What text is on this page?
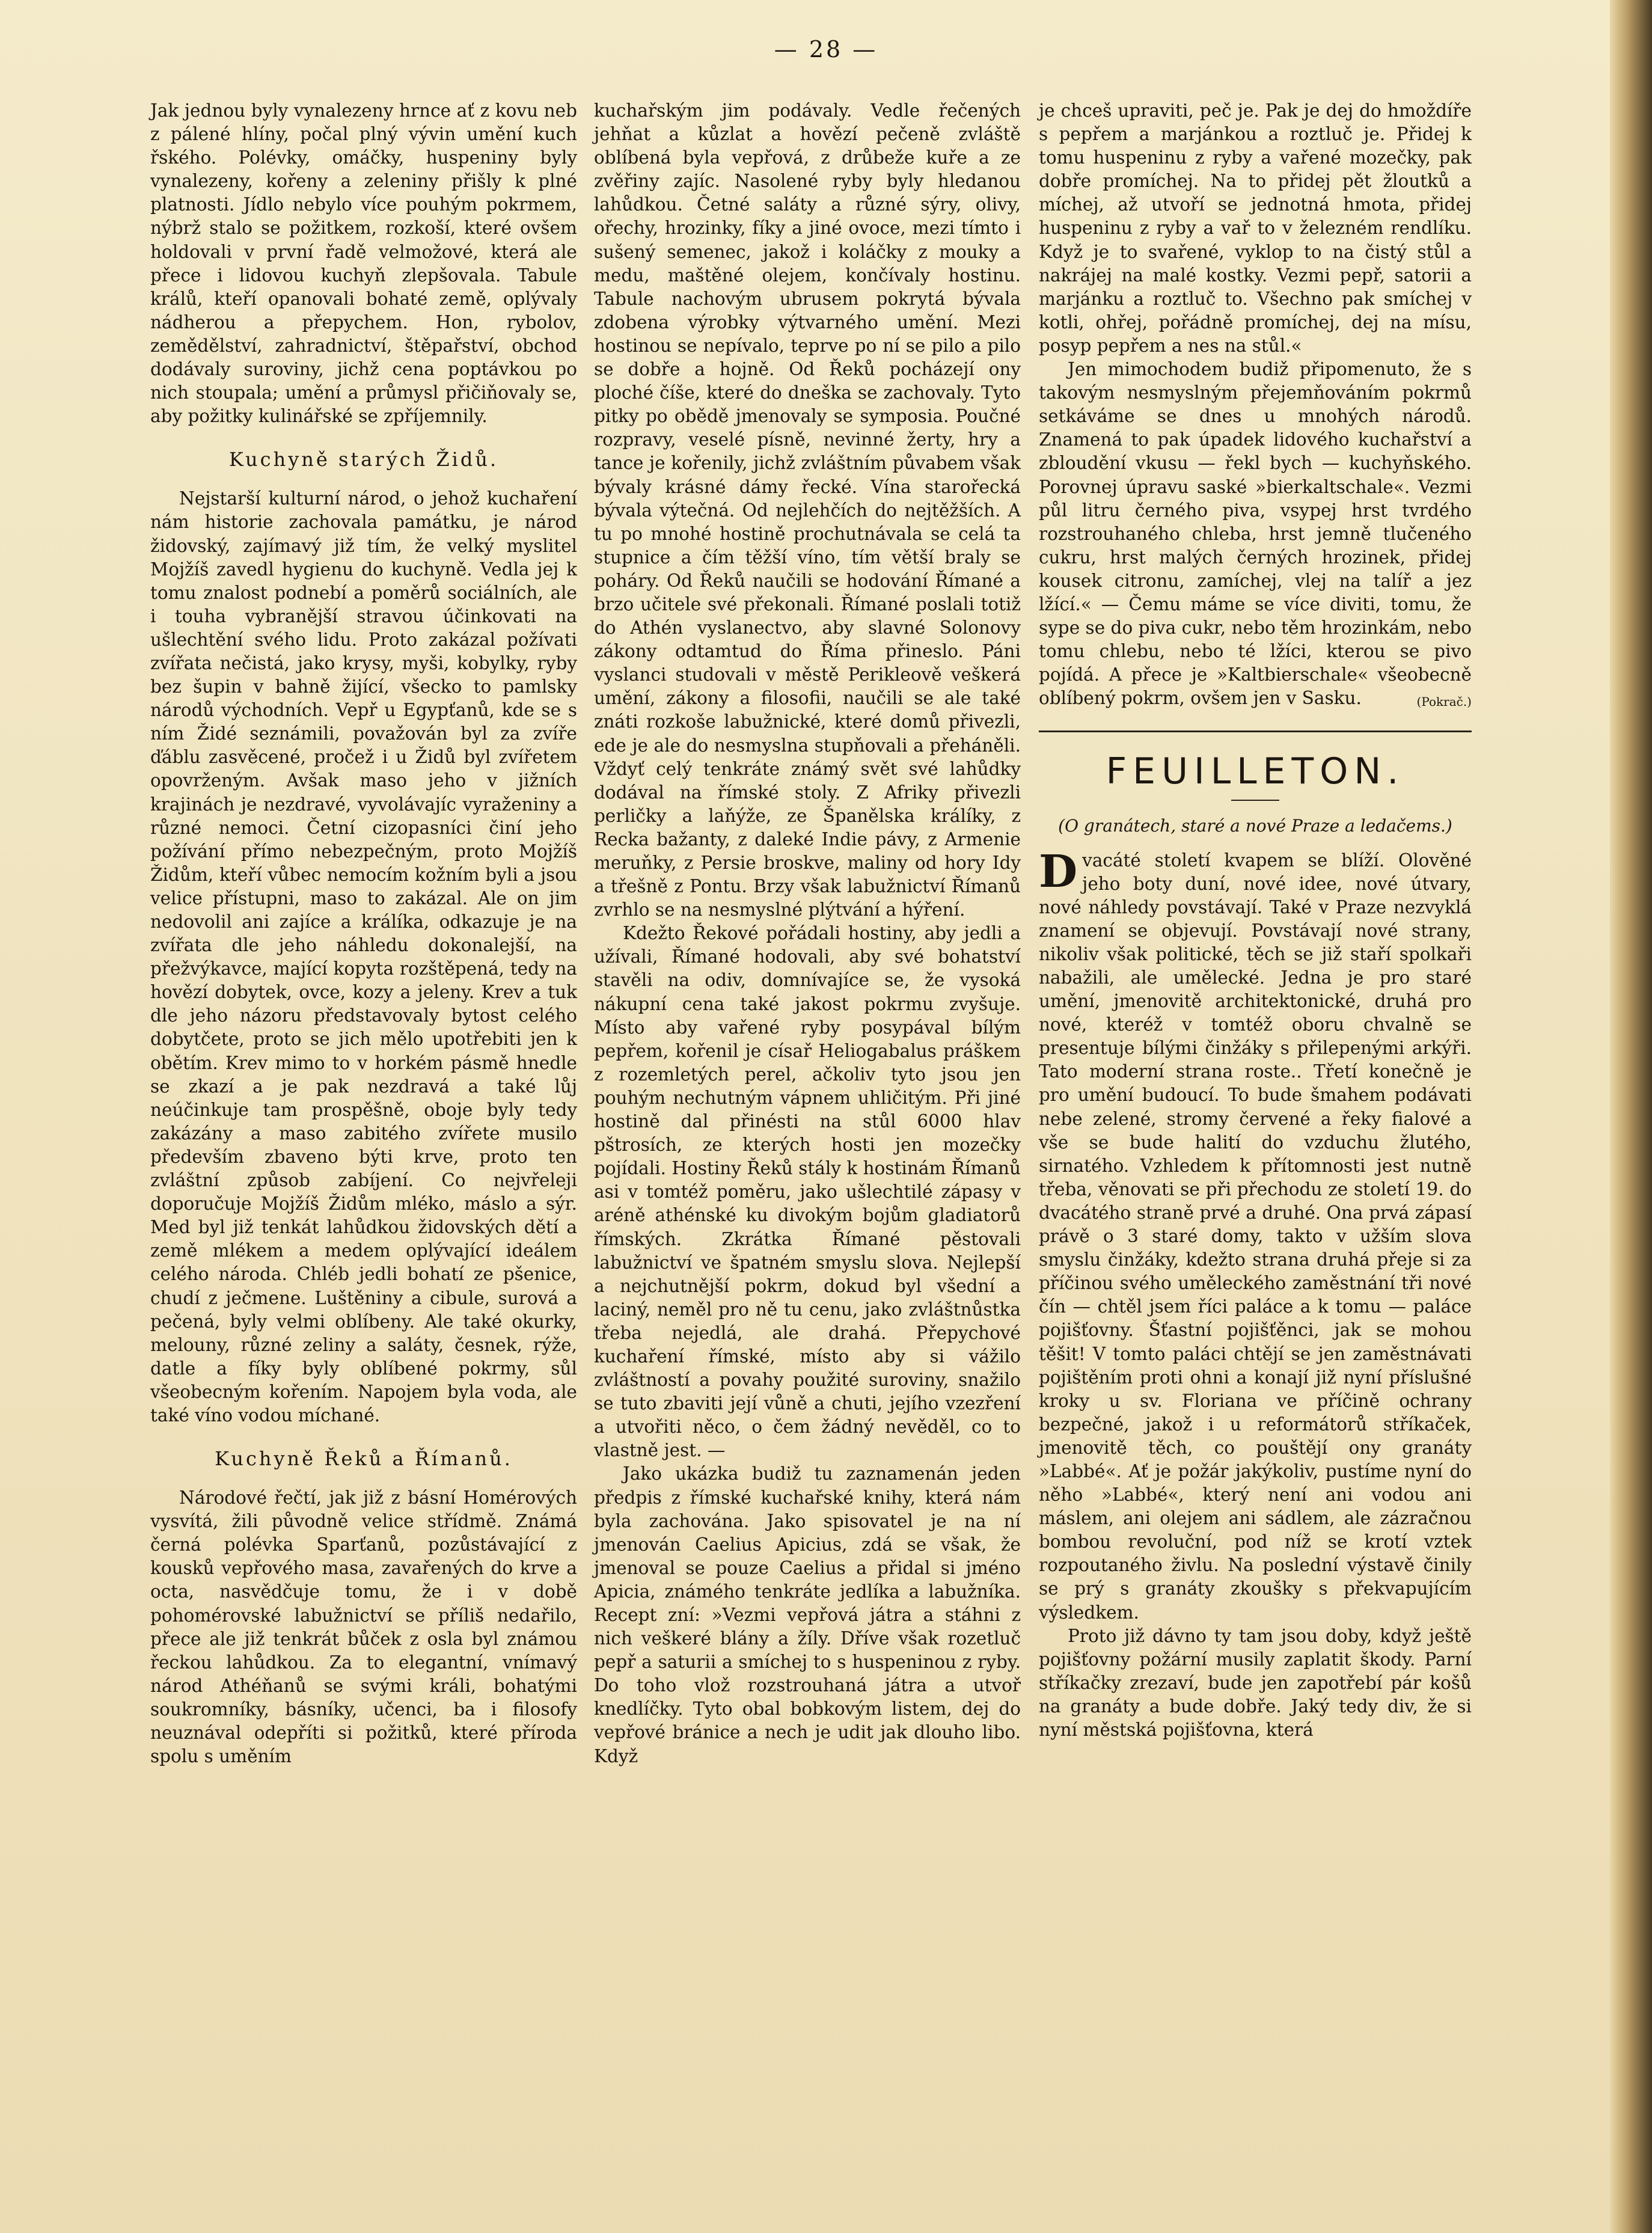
— 28 —

Jak jednou byly vynalezeny hrnce ať z kovu neb z pálené hlíny, počal plný vývin umění kuch řského. Polévky, omáčky, huspeniny byly vynalezeny, kořeny a zeleniny přišly k plné platnosti. Jídlo nebylo více pouhým pokrmem, nýbrž stalo se požitkem, rozkoší, které ovšem holdovali v první řadě velmožové, která ale přece i lidovou kuchyň zlepšovala. Tabule králů, kteří opanovali bohaté země, oplývaly nádherou a přepychem. Hon, rybolov, zemědělství, zahradnictví, štěpařství, obchod dodávaly suroviny, jichž cena poptávkou po nich stoupala; umění a průmysl přičiňovaly se, aby požitky kulinářské se zpříjemnily.

Kuchyně starých Židů.

Nejstarší kulturní národ, o jehož kuchaření nám historie zachovala památku, je národ židovský, zajímavý již tím, že velký myslitel Mojžíš zavedl hygienu do kuchyně. Vedla jej k tomu znalost podnebí a poměrů sociálních, ale i touha vybranější stravou účinkovati na ušlechtění svého lidu. Proto zakázal požívati zvířata nečistá, jako krysy, myši, kobylky, ryby bez šupin v bahně žijící, všecko to pamlsky národů východních. Vepř u Egypťanů, kde se s ním Židé seznámili, považován byl za zvíře ďáblu zasvěcené, pročež i u Židů byl zvířetem opovrženým. Avšak maso jeho v jižních krajinách je nezdravé, vyvolávajíc vyraženiny a různé nemoci. Četní cizopasníci činí jeho požívání přímo nebezpečným, proto Mojžíš Židům, kteří vůbec nemocím kožním byli a jsou velice přístupni, maso to zakázal. Ale on jim nedovolil ani zajíce a králíka, odkazuje je na zvířata dle jeho náhledu dokonalejší, na přežvýkavce, mající kopyta rozštěpená, tedy na hovězí dobytek, ovce, kozy a jeleny. Krev a tuk dle jeho názoru představovaly bytost celého dobytčete, proto se jich mělo upotřebiti jen k obětím. Krev mimo to v horkém pásmě hnedle se zkazí a je pak nezdravá a také lůj neúčinkuje tam prospěšně, oboje byly tedy zakázány a maso zabitého zvířete musilo především zbaveno býti krve, proto ten zvláštní způsob zabíjení. Co nejvřeleji doporučuje Mojžíš Židům mléko, máslo a sýr. Med byl již tenkát lahůdkou židovských dětí a země mlékem a medem oplývající ideálem celého národa. Chléb jedli bohatí ze pšenice, chudí z ječmene. Luštěniny a cibule, surová a pečená, byly velmi oblíbeny. Ale také okurky, melouny, různé zeliny a saláty, česnek, rýže, datle a fíky byly oblíbené pokrmy, sůl všeobecným kořením. Napojem byla voda, ale také víno vodou míchané.

Kuchyně Řeků a Římanů.

Národové řečtí, jak již z básní Homérových vysvítá, žili původně velice střídmě. Známá černá polévka Sparťanů, pozůstávající z kousků vepřového masa, zavařených do krve a octa, nasvědčuje tomu, že i v době pohomérovské labužnictví se příliš nedařilo, přece ale již tenkrát bůček z osla byl známou řeckou lahůdkou. Za to elegantní, vnímavý národ Athéňanů se svými králi, bohatými soukromníky, básníky, učenci, ba i filosofy neuznával odepříti si požitků, které příroda spolu s uměním

kuchařským jim podávaly. Vedle řečených jehňat a kůzlat a hovězí pečeně zvláště oblíbená byla vepřová, z drůbeže kuře a ze zvěřiny zajíc. Nasolené ryby byly hledanou lahůdkou. Četné saláty a různé sýry, olivy, ořechy, hrozinky, fíky a jiné ovoce, mezi tímto i sušený semenec, jakož i koláčky z mouky a medu, maštěné olejem, končívaly hostinu. Tabule nachovým ubrusem pokrytá bývala zdobena výrobky výtvarného umění. Mezi hostinou se nepívalo, teprve po ní se pilo a pilo se dobře a hojně. Od Řeků pocházejí ony ploché číše, které do dneška se zachovaly. Tyto pitky po obědě jmenovaly se symposia. Poučné rozpravy, veselé písně, nevinné žerty, hry a tance je kořenily, jichž zvláštním půvabem však bývaly krásné dámy řecké. Vína starořecká bývala výtečná. Od nejlehčích do nejtěžších. A tu po mnohé hostině prochutnávala se celá ta stupnice a čím těžší víno, tím větší braly se poháry. Od Řeků naučili se hodování Římané a brzo učitele své překonali. Římané poslali totiž do Athén vyslanectvo, aby slavné Solonovy zákony odtamtud do Říma přineslo. Páni vyslanci studovali v městě Perikleově veškerá umění, zákony a filosofii, naučili se ale také znáti rozkoše labužnické, které domů přivezli, ede je ale do nesmyslna stupňovali a přeháněli. Vždyť celý tenkráte známý svět své lahůdky dodával na římské stoly. Z Afriky přivezli perličky a laňýže, ze Španělska králíky, z Recka bažanty, z daleké Indie pávy, z Armenie meruňky, z Persie broskve, maliny od hory Idy a třešně z Pontu. Brzy však labužnictví Římanů zvrhlo se na nesmyslné plýtvání a hýření.

Kdežto Řekové pořádali hostiny, aby jedli a užívali, Římané hodovali, aby své bohatství stavěli na odiv, domnívajíce se, že vysoká nákupní cena také jakost pokrmu zvyšuje. Místo aby vařené ryby posypával bílým pepřem, kořenil je císař Heliogabalus práškem z rozemletých perel, ačkoliv tyto jsou jen pouhým nechutným vápnem uhličitým. Při jiné hostině dal přinésti na stůl 6000 hlav pštrosích, ze kterých hosti jen mozečky pojídali. Hostiny Řeků stály k hostinám Římanů asi v tomtéž poměru, jako ušlechtilé zápasy v aréně athénské ku divokým bojům gladiatorů římských. Zkrátka Římané pěstovali labužnictví ve špatném smyslu slova. Nejlepší a nejchutnější pokrm, dokud byl všední a laciný, neměl pro ně tu cenu, jako zvláštnůstka třeba nejedlá, ale drahá. Přepychové kuchaření římské, místo aby si vážilo zvláštností a povahy použité suroviny, snažilo se tuto zbaviti její vůně a chuti, jejího vzezření a utvořiti něco, o čem žádný nevěděl, co to vlastně jest. —

Jako ukázka budiž tu zaznamenán jeden předpis z římské kuchařské knihy, která nám byla zachována. Jako spisovatel je na ní jmenován Caelius Apicius, zdá se však, že jmenoval se pouze Caelius a přidal si jméno Apicia, známého tenkráte jedlíka a labužníka. Recept zní: »Vezmi vepřová játra a stáhni z nich veškeré blány a žíly. Dříve však rozetluč pepř a saturii a smíchej to s huspeninou z ryby. Do toho vlož rozstrouhaná játra a utvoř knedlíčky. Tyto obal bobkovým listem, dej do vepřové bránice a nech je udit jak dlouho libo. Když

je chceš upraviti, peč je. Pak je dej do hmoždíře s pepřem a marjánkou a roztluč je. Přidej k tomu huspeninu z ryby a vařené mozečky, pak dobře promíchej. Na to přidej pět žloutků a míchej, až utvoří se jednotná hmota, přidej huspeninu z ryby a vař to v železném rendlíku. Když je to svařené, vyklop to na čistý stůl a nakrájej na malé kostky. Vezmi pepř, satorii a marjánku a roztluč to. Všechno pak smíchej v kotli, ohřej, pořádně promíchej, dej na mísu, posyp pepřem a nes na stůl.«

Jen mimochodem budiž připomenuto, že s takovým nesmyslným přejemňováním pokrmů setkáváme se dnes u mnohých národů. Znamená to pak úpadek lidového kuchařství a zbloudění vkusu — řekl bych — kuchyňského. Porovnej úpravu saské »bierkaltschale«. Vezmi půl litru černého piva, vsypej hrst tvrdého rozstrouhaného chleba, hrst jemně tlučeného cukru, hrst malých černých hrozinek, přidej kousek citronu, zamíchej, vlej na talíř a jez lžící.« — Čemu máme se více diviti, tomu, že sype se do piva cukr, nebo těm hrozinkám, nebo tomu chlebu, nebo té lžíci, kterou se pivo pojídá. A přece je »Kaltbierschale« všeobecně oblíbený pokrm, ovšem jen v Sasku.	(Pokrač.)

FEUILLETON.
(O granátech, staré a nové Praze a ledačems.)

D vacáté století kvapem se blíží. Olověné jeho boty duní, nové idee, nové útvary, nové náhledy povstávají. Také v Praze nezvyklá znamení se objevují. Povstávají nové strany, nikoliv však politické, těch se již staří spolkaři nabažili, ale umělecké. Jedna je pro staré umění, jmenovitě architektonické, druhá pro nové, kteréž v tomtéž oboru chvalně se presentuje bílými činžáky s přilepenými arkýři. Tato moderní strana roste.. Třetí konečně je pro umění budoucí. To bude šmahem podávati nebe zelené, stromy červené a řeky fialové a vše se bude halití do vzduchu žlutého, sirnatého. Vzhledem k přítomnosti jest nutně třeba, věnovati se při přechodu ze století 19. do dvacátého straně prvé a druhé. Ona prvá zápasí právě o 3 staré domy, takto v užším slova smyslu činžáky, kdežto strana druhá přeje si za příčinou svého uměleckého zaměstnání tři nové čín — chtěl jsem říci paláce a k tomu — paláce pojišťovny. Šťastní pojišťěnci, jak se mohou těšit! V tomto paláci chtějí se jen zaměstnávati pojištěním proti ohni a konají již nyní příslušné kroky u sv. Floriana ve příčině ochrany bezpečné, jakož i u reformátorů stříkaček, jmenovitě těch, co pouštějí ony granáty »Labbé«. Ať je požár jakýkoliv, pustíme nyní do něho »Labbé«, který není ani vodou ani máslem, ani olejem ani sádlem, ale zázračnou bombou revoluční, pod níž se krotí vztek rozpoutaného živlu. Na poslední výstavě činily se prý s granáty zkoušky s překvapujícím výsledkem.

Proto již dávno ty tam jsou doby, když ještě pojišťovny požární musily zaplatit škody. Parní stříkačky zrezaví, bude jen zapotřebí pár košů na granáty a bude dobře. Jaký tedy div, že si nyní městská pojišťovna, která
